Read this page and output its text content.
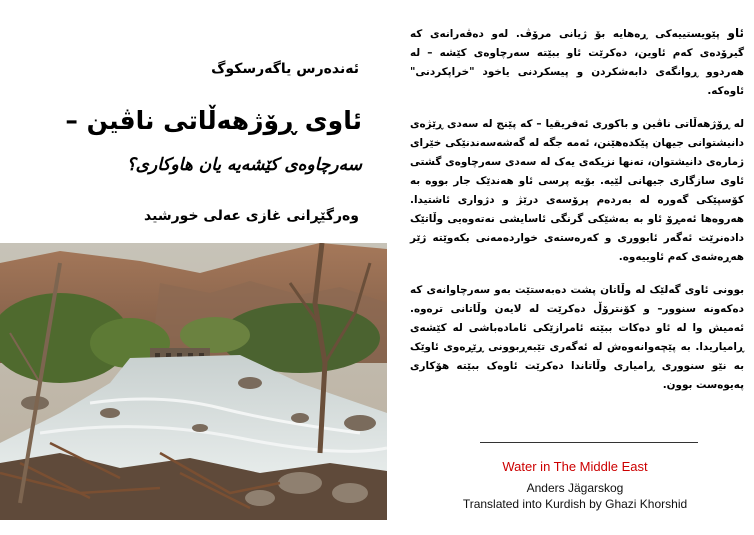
ئەندەرس یاگەرسکوگ
ئاوی ڕۆژهەڵاتی ناڤین –
سەرچاوەی کێشەیە یان هاوکاری؟
وەرگێڕانی غازی عەلی خورشید

ئاو پێویستییەکی ڕەهایە بۆ ژیانی مرۆڤ. لەو دەڤەرانەی کە گیرۆدەی کەم ئاوین، دەکرێت ئاو ببێتە سەرچاوەی کێشە – لە هەردوو ڕوانگەی دابەشکردن و پیسکردنی یاخود "خراپکردنی" ئاوەکە.

لە ڕۆژهەڵاتی ناڤین و باکوری ئەفریقیا – کە پێنج لە سەدی ڕێژەی دانیشتوانی جیهان پێکدەهێنن، ئەمە جگە لە گەشەسەندنێکی خێرای ژمارەی دانیشتوان، تەنها نزیکەی یەک لە سەدی سەرچاوەی گشتی ئاوی سازگاری جیهانی لێیە. بۆیە پرسی ئاو هەندێک جار بووە بە کۆسپێکی گەورە لە بەردەم پرۆسەی درێژ و دژواری ئاشتیدا. هەروەها ئەمڕۆ ئاو بە بەشێکی گرنگی ئاسایشی نەتەوەیی وڵاتێک دادەنرێت ئەگەر ئابووری و کەرەستەی خواردەمەنی بکەوێتە ژێر هەڕەشەی کەم ئاوییەوە.

بوونی ئاوی گەلێک لە وڵاتان پشت دەبەستێت بەو سەرچاوانەی کە دەکەونە سنوور– و کۆنترۆڵ دەکرێت لە لایەن وڵاتانی ترەوە. ئەمیش وا لە ئاو دەکات ببێتە ئامرازێکی ئامادەباشی لە کێشەی ڕامیاریدا. بە پێچەوانەوەش لە ئەگەری تێبەڕبوونی ڕێڕەوی ئاوێک بە نێو سنووری ڕامیاری وڵاتاندا دەکرێت ئاوەک ببێتە هۆکاری پەیوەست بوون.

Water in The Middle East
Anders Jägarskog
Translated into Kurdish by Ghazi Khorshid
